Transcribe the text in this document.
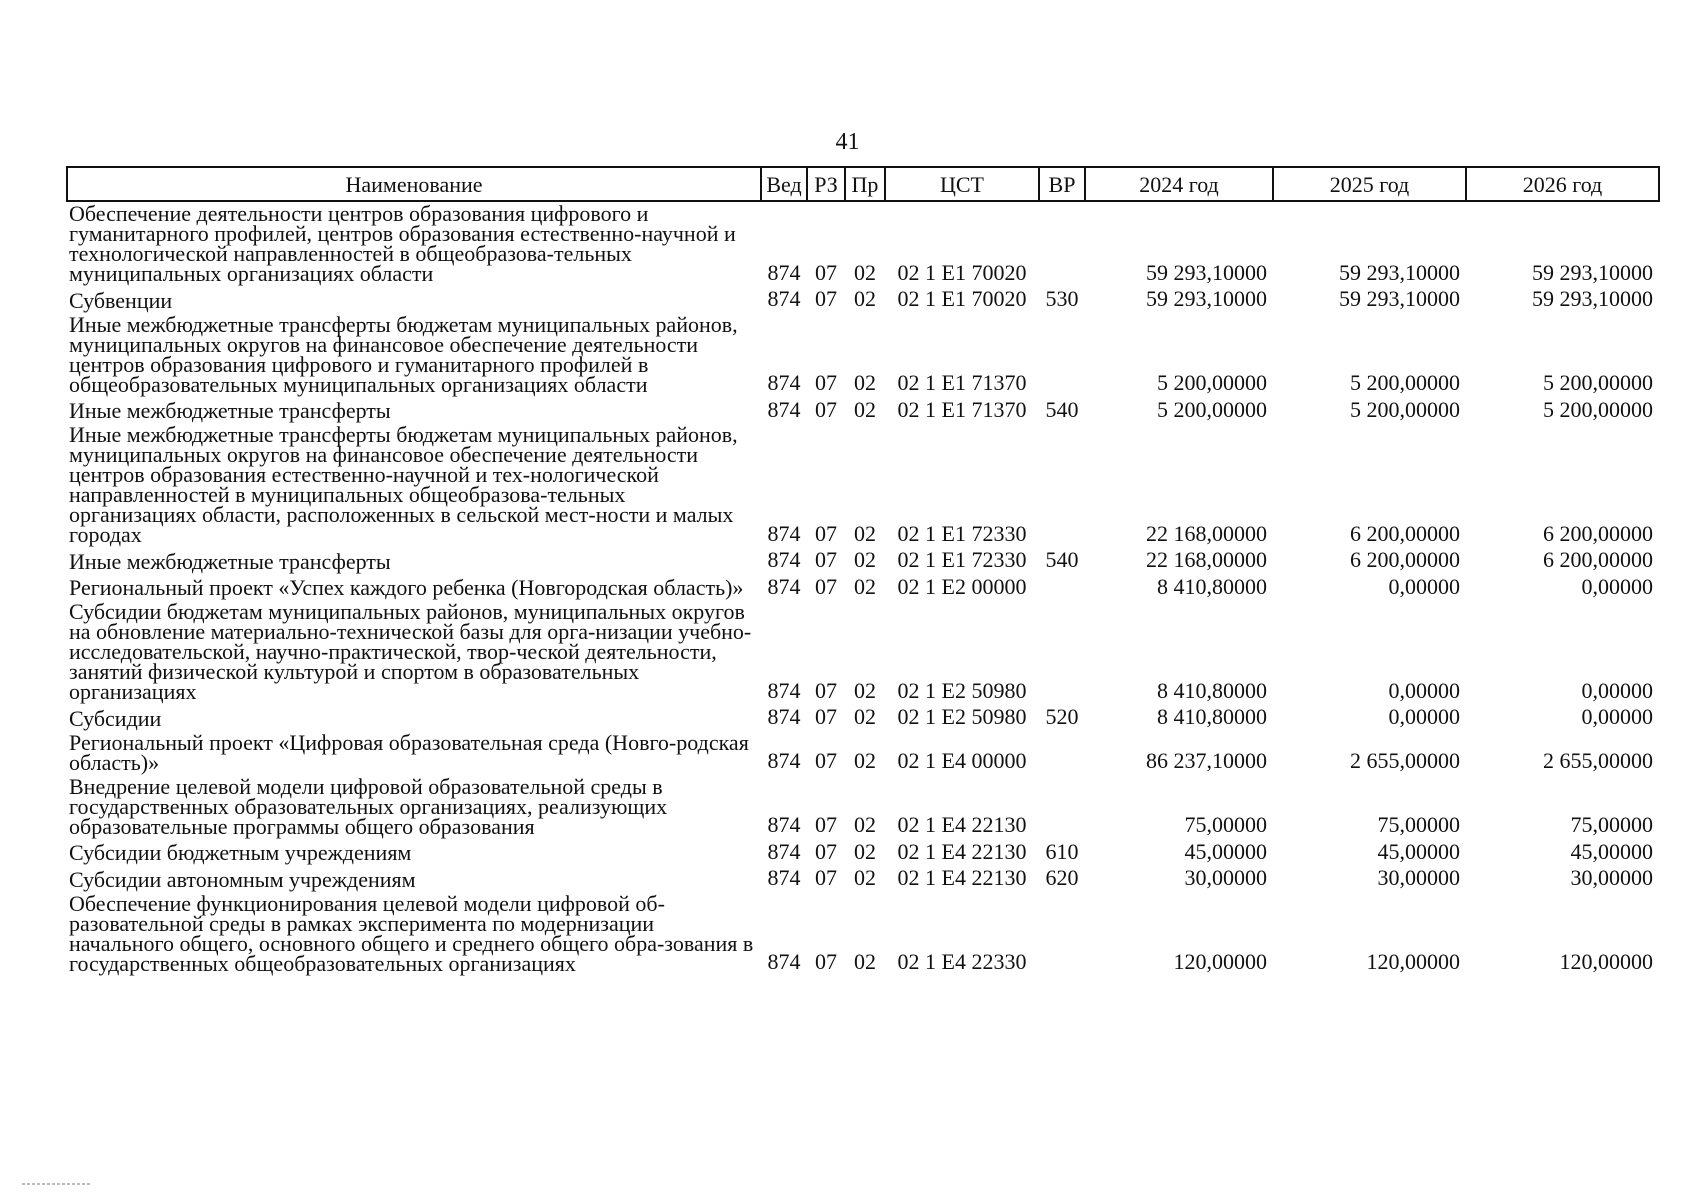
41
Наименование	Вед	РЗ	Пр	ЦСТ	ВР	2024 год	2025 год	2026 год
Обеспечение деятельности центров образования цифрового и гуманитарного профилей, центров образования естественно-научной и технологической направленностей в общеобразова-тельных муниципальных организациях области	874	07	02	02 1 Е1 70020		59 293,10000	59 293,10000	59 293,10000
Субвенции	874	07	02	02 1 Е1 70020	530	59 293,10000	59 293,10000	59 293,10000
Иные межбюджетные трансферты бюджетам муниципальных районов, муниципальных округов на финансовое обеспечение деятельности центров образования цифрового и гуманитарного профилей в общеобразовательных муниципальных организациях области	874	07	02	02 1 Е1 71370		5 200,00000	5 200,00000	5 200,00000
Иные межбюджетные трансферты	874	07	02	02 1 Е1 71370	540	5 200,00000	5 200,00000	5 200,00000
Иные межбюджетные трансферты бюджетам муниципальных районов, муниципальных округов на финансовое обеспечение деятельности центров образования естественно-научной и тех-нологической направленностей в муниципальных общеобразова-тельных организациях области, расположенных в сельской мест-ности и малых городах	874	07	02	02 1 Е1 72330		22 168,00000	6 200,00000	6 200,00000
Иные межбюджетные трансферты	874	07	02	02 1 Е1 72330	540	22 168,00000	6 200,00000	6 200,00000
Региональный проект «Успех каждого ребенка (Новгородская область)»	874	07	02	02 1 Е2 00000		8 410,80000	0,00000	0,00000
Субсидии бюджетам муниципальных районов, муниципальных округов на обновление материально-технической базы для орга-низации учебно-исследовательской, научно-практической, твор-ческой деятельности, занятий физической культурой и спортом в образовательных организациях	874	07	02	02 1 Е2 50980		8 410,80000	0,00000	0,00000
Субсидии	874	07	02	02 1 Е2 50980	520	8 410,80000	0,00000	0,00000
Региональный проект «Цифровая образовательная среда (Новго-родская область)»	874	07	02	02 1 Е4 00000		86 237,10000	2 655,00000	2 655,00000
Внедрение целевой модели цифровой образовательной среды в государственных образовательных организациях, реализующих образовательные программы общего образования	874	07	02	02 1 Е4 22130		75,00000	75,00000	75,00000
Субсидии бюджетным учреждениям	874	07	02	02 1 Е4 22130	610	45,00000	45,00000	45,00000
Субсидии автономным учреждениям	874	07	02	02 1 Е4 22130	620	30,00000	30,00000	30,00000
Обеспечение функционирования целевой модели цифровой об-разовательной среды в рамках эксперимента по модернизации начального общего, основного общего и среднего общего обра-зования в государственных общеобразовательных организациях	874	07	02	02 1 Е4 22330		120,00000	120,00000	120,00000
